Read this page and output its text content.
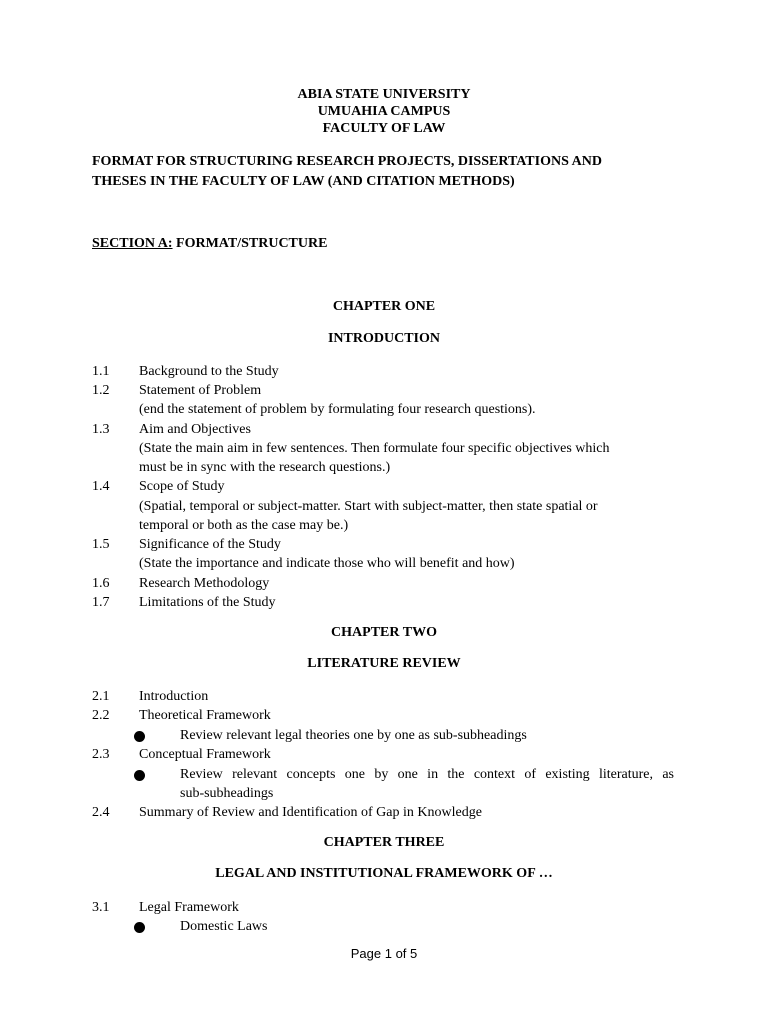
ABIA STATE UNIVERSITY
UMUAHIA CAMPUS
FACULTY OF LAW
FORMAT FOR STRUCTURING RESEARCH PROJECTS, DISSERTATIONS AND
THESES IN THE FACULTY OF LAW (AND CITATION METHODS)
SECTION A: FORMAT/STRUCTURE
CHAPTER ONE
INTRODUCTION
1.1 Background to the Study
1.2 Statement of Problem
(end the statement of problem by formulating four research questions).
1.3 Aim and Objectives
(State the main aim in few sentences. Then formulate four specific objectives which
must be in sync with the research questions.)
1.4 Scope of Study
(Spatial, temporal or subject-matter. Start with subject-matter, then state spatial or
temporal or both as the case may be.)
1.5 Significance of the Study
(State the importance and indicate those who will benefit and how)
1.6 Research Methodology
1.7 Limitations of the Study
CHAPTER TWO
LITERATURE REVIEW
2.1 Introduction
2.2 Theoretical Framework
Review relevant legal theories one by one as sub-subheadings
2.3 Conceptual Framework
Review relevant concepts one by one in the context of existing literature, as
sub-subheadings
2.4 Summary of Review and Identification of Gap in Knowledge
CHAPTER THREE
LEGAL AND INSTITUTIONAL FRAMEWORK OF …
3.1 Legal Framework
Domestic Laws
Page 1 of 5
